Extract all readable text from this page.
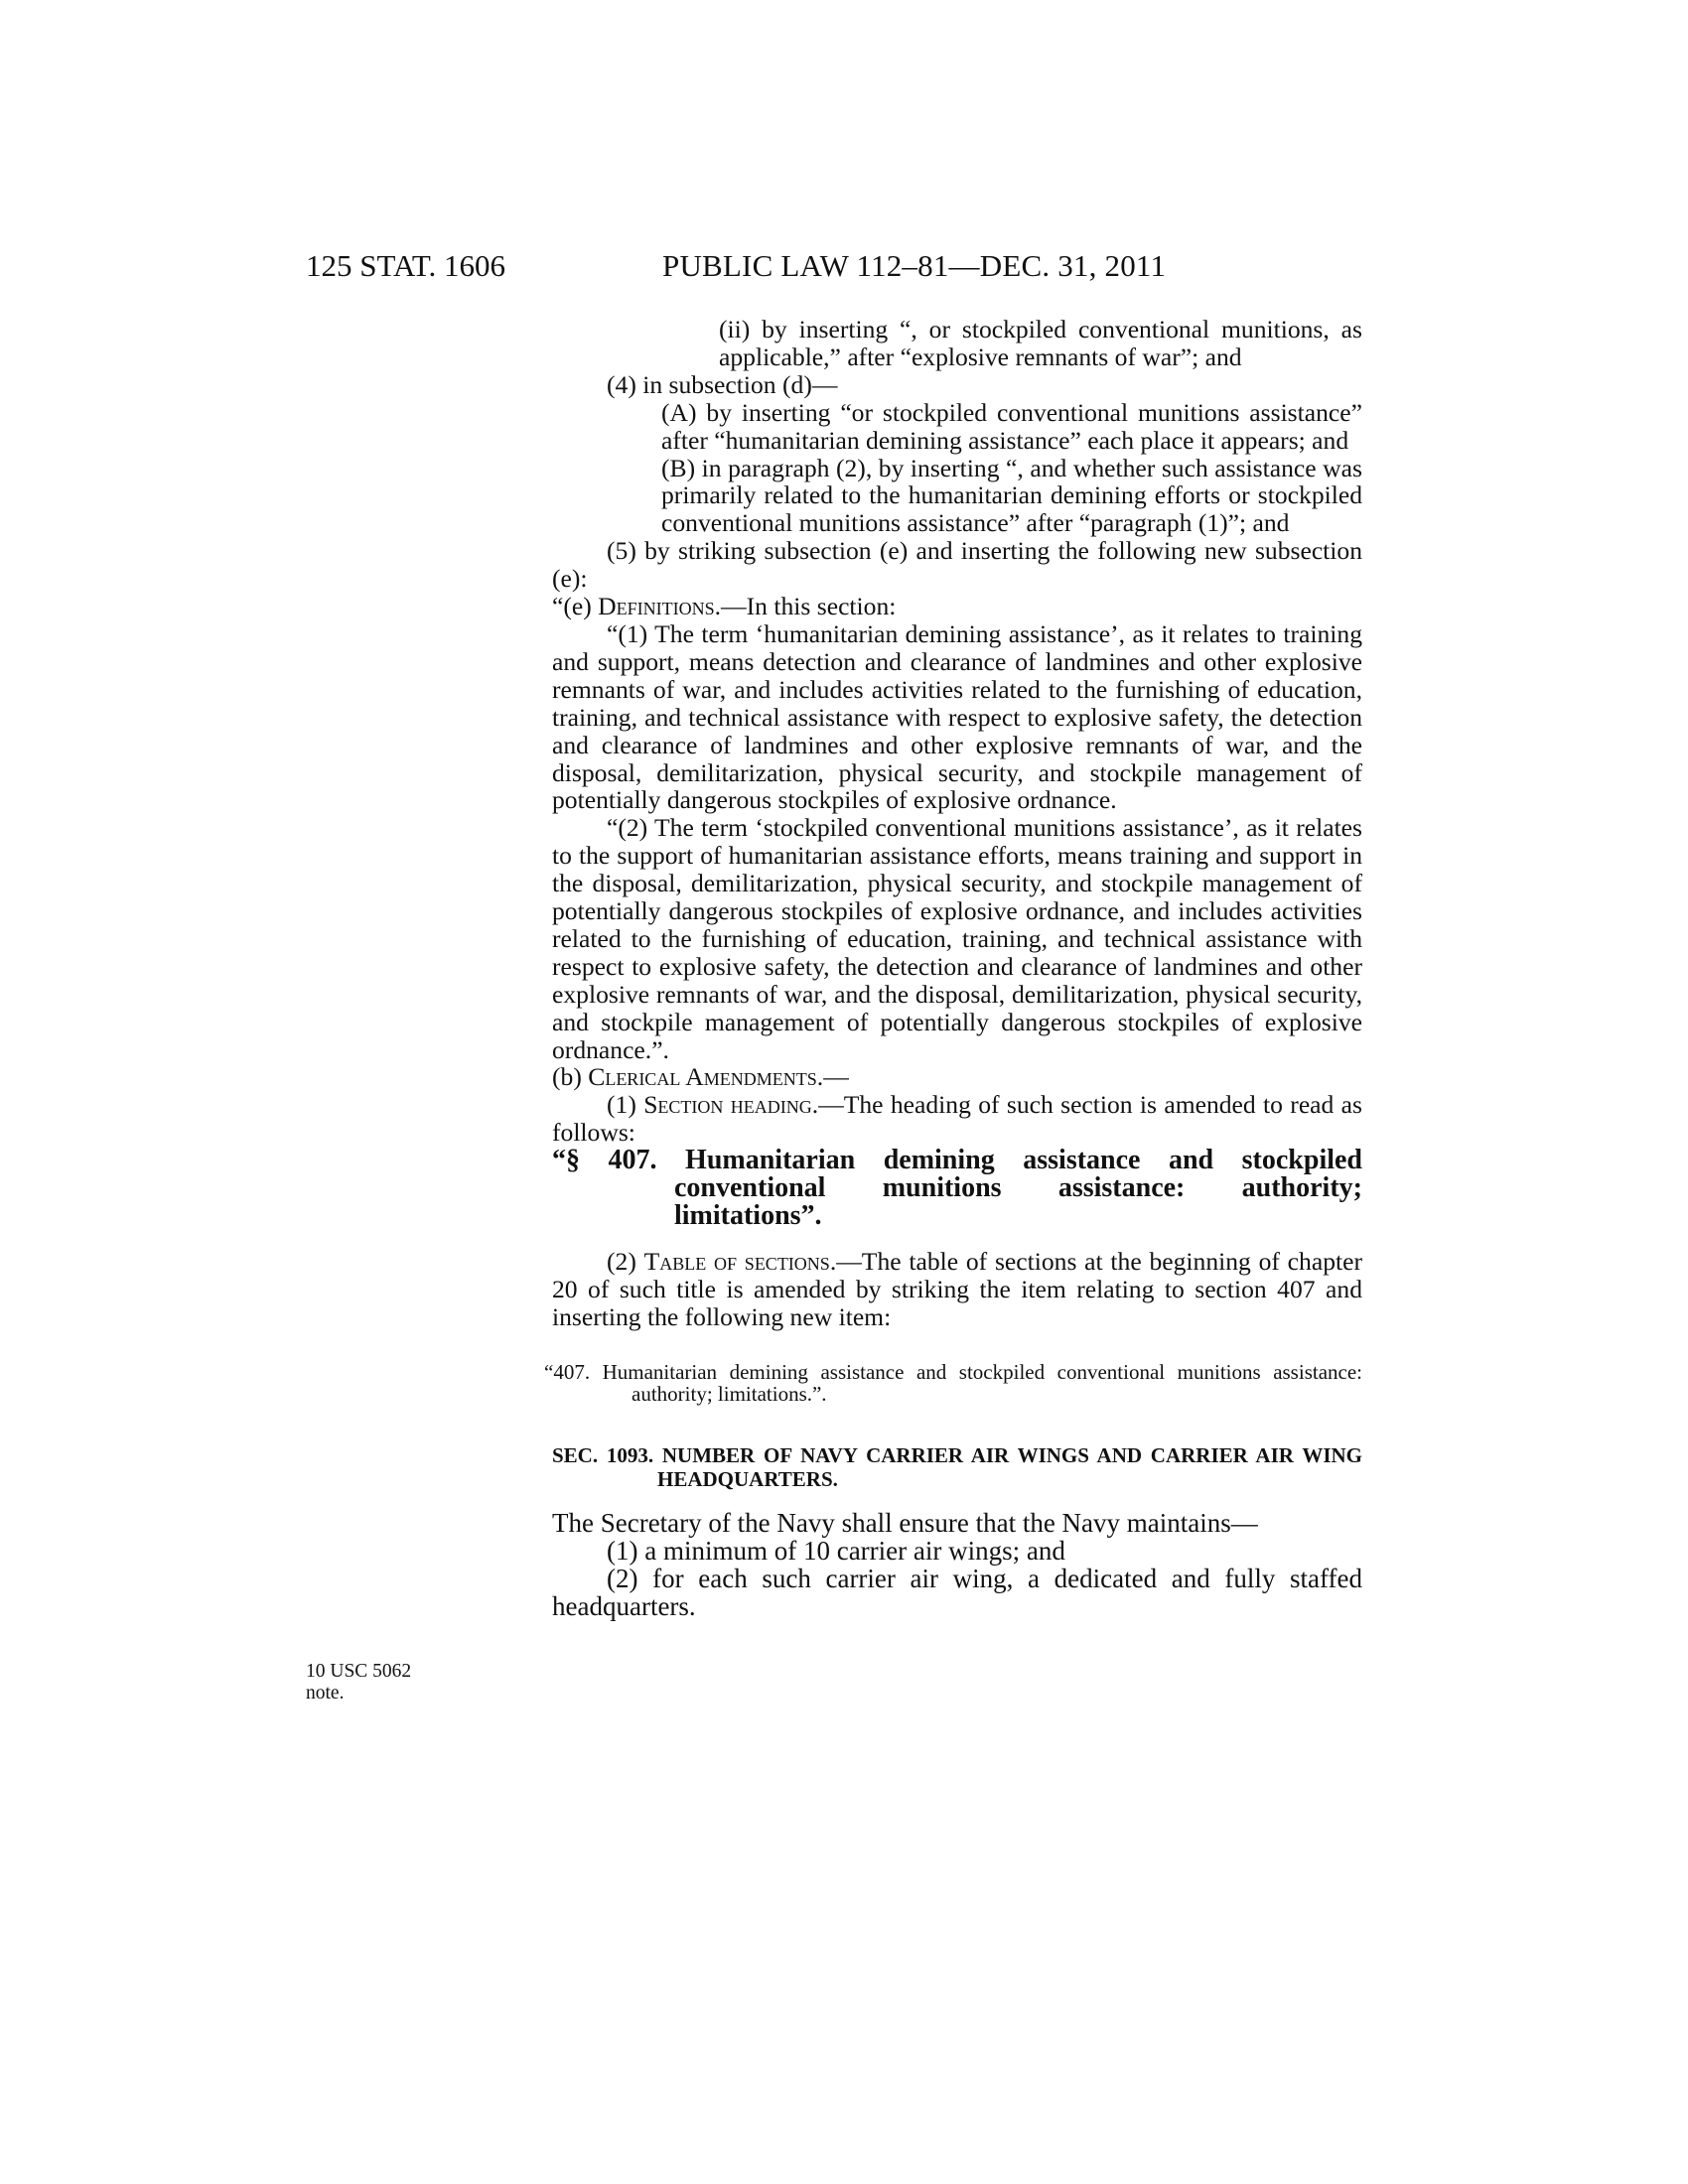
125 STAT. 1606	PUBLIC LAW 112–81—DEC. 31, 2011
10 USC 5062 note.

(ii) by inserting “, or stockpiled conventional munitions, as applicable,” after “explosive remnants of war”; and

(4) in subsection (d)—

(A) by inserting “or stockpiled conventional munitions assistance” after “humanitarian demining assistance” each place it appears; and

(B) in paragraph (2), by inserting “, and whether such assistance was primarily related to the humanitarian demining efforts or stockpiled conventional munitions assistance” after “paragraph (1)”; and

(5) by striking subsection (e) and inserting the following new subsection (e):

“(e) Definitions.—In this section:

“(1) The term ‘humanitarian demining assistance’, as it relates to training and support, means detection and clearance of landmines and other explosive remnants of war, and includes activities related to the furnishing of education, training, and technical assistance with respect to explosive safety, the detection and clearance of landmines and other explosive remnants of war, and the disposal, demilitarization, physical security, and stockpile management of potentially dangerous stockpiles of explosive ordnance.

“(2) The term ‘stockpiled conventional munitions assistance’, as it relates to the support of humanitarian assistance efforts, means training and support in the disposal, demilitarization, physical security, and stockpile management of potentially dangerous stockpiles of explosive ordnance, and includes activities related to the furnishing of education, training, and technical assistance with respect to explosive safety, the detection and clearance of landmines and other explosive remnants of war, and the disposal, demilitarization, physical security, and stockpile management of potentially dangerous stockpiles of explosive ordnance.”.

(b) Clerical Amendments.—

(1) Section heading.—The heading of such section is amended to read as follows:

“§ 407. Humanitarian demining assistance and stockpiled conventional munitions assistance: authority; limitations”.

(2) Table of sections.—The table of sections at the beginning of chapter 20 of such title is amended by striking the item relating to section 407 and inserting the following new item:

“407. Humanitarian demining assistance and stockpiled conventional munitions assistance: authority; limitations.”.

SEC. 1093. NUMBER OF NAVY CARRIER AIR WINGS AND CARRIER AIR WING HEADQUARTERS.

The Secretary of the Navy shall ensure that the Navy maintains—

(1) a minimum of 10 carrier air wings; and

(2) for each such carrier air wing, a dedicated and fully staffed headquarters.
